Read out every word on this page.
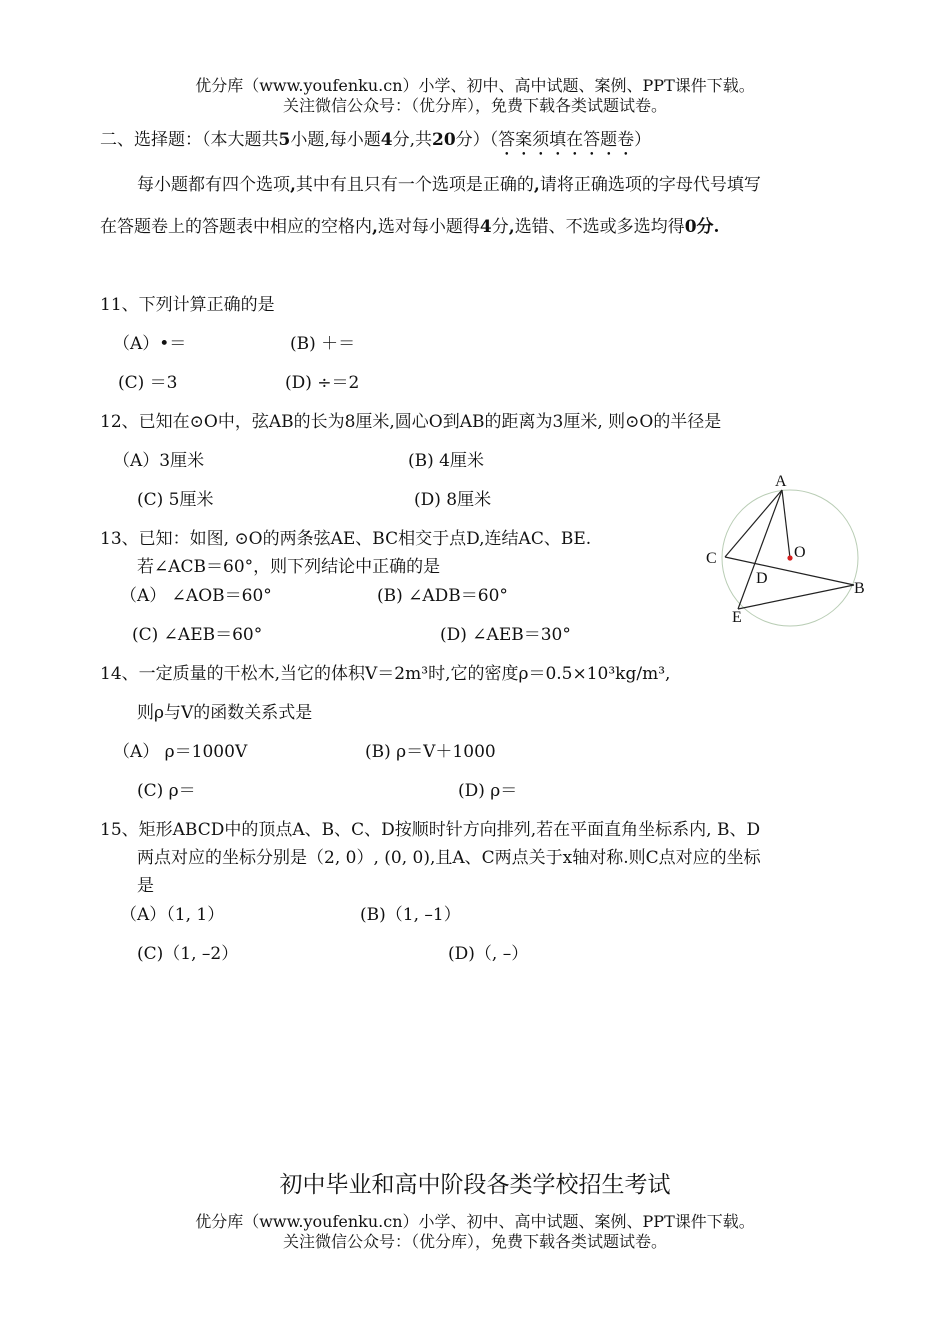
优分库（www.youfenku.cn）小学、初中、高中试题、案例、PPT课件下载。
关注微信公众号：（优分库），免费下载各类试题试卷。
二、选择题：（本大题共5小题,每小题4分,共20分）（答案须填在答题卷）
每小题都有四个选项,其中有且只有一个选项是正确的,请将正确选项的字母代号填写
在答题卷上的答题表中相应的空格内,选对每小题得4分,选错、不选或多选均得0分.
11、下列计算正确的是
（A）•＝	(B) ＋＝
(C) ＝3	(D) ÷＝2
12、已知在⊙O中，弦AB的长为8厘米,圆心O到AB的距离为3厘米, 则⊙O的半径是
（A）3厘米	(B) 4厘米
(C) 5厘米	(D) 8厘米
13、已知：如图, ⊙O的两条弦AE、BC相交于点D,连结AC、BE.
若∠ACB＝60°，则下列结论中正确的是
（A） ∠AOB＝60°	(B) ∠ADB＝60°
(C) ∠AEB＝60°	(D) ∠AEB＝30°
A
B
C
D
E
O
14、一定质量的干松木,当它的体积V＝2m³时,它的密度ρ＝0.5×10³kg/m³,
则ρ与V的函数关系式是
（A） ρ＝1000V	(B) ρ＝V＋1000
(C) ρ＝	(D) ρ＝
15、矩形ABCD中的顶点A、B、C、D按顺时针方向排列,若在平面直角坐标系内, B、D
两点对应的坐标分别是（2, 0）, (0, 0),且A、C两点关于x轴对称.则C点对应的坐标
是
（A）（1, 1）	(B)（1, –1）
(C)（1, –2）	(D)（, –）
初中毕业和高中阶段各类学校招生考试
优分库（www.youfenku.cn）小学、初中、高中试题、案例、PPT课件下载。
关注微信公众号：（优分库），免费下载各类试题试卷。
